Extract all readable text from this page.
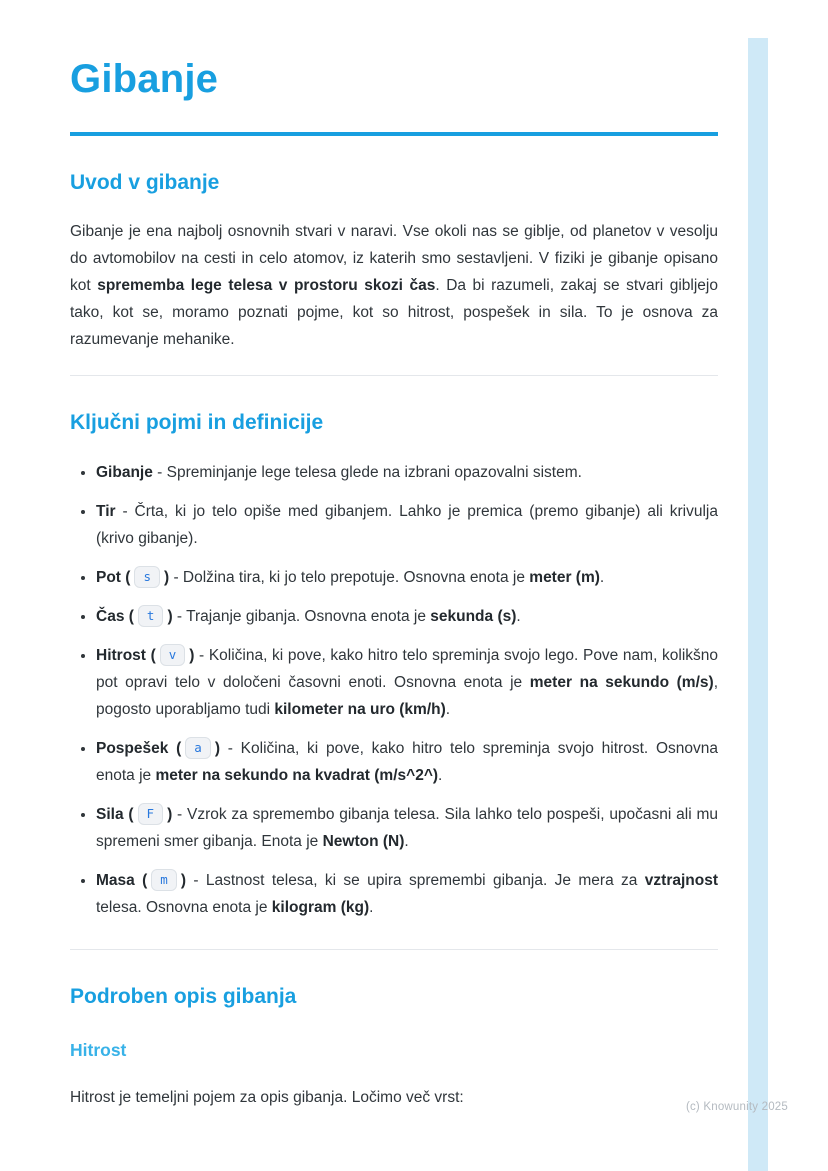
Gibanje
Uvod v gibanje

Gibanje je ena najbolj osnovnih stvari v naravi. Vse okoli nas se giblje, od planetov v vesolju do avtomobilov na cesti in celo atomov, iz katerih smo sestavljeni. V fiziki je gibanje opisano kot sprememba lege telesa v prostoru skozi čas. Da bi razumeli, zakaj se stvari gibljejo tako, kot se, moramo poznati pojme, kot so hitrost, pospešek in sila. To je osnova za razumevanje mehanike.

Ključni pojmi in definicije
• Gibanje - Spreminjanje lege telesa glede na izbrani opazovalni sistem.
• Tir - Črta, ki jo telo opiše med gibanjem. Lahko je premica (premo gibanje) ali krivulja (krivo gibanje).
• Pot ( s ) - Dolžina tira, ki jo telo prepotuje. Osnovna enota je meter (m).
• Čas ( t ) - Trajanje gibanja. Osnovna enota je sekunda (s).
• Hitrost ( v ) - Količina, ki pove, kako hitro telo spreminja svojo lego. Pove nam, kolikšno pot opravi telo v določeni časovni enoti. Osnovna enota je meter na sekundo (m/s), pogosto uporabljamo tudi kilometer na uro (km/h).
• Pospešek ( a ) - Količina, ki pove, kako hitro telo spreminja svojo hitrost. Osnovna enota je meter na sekundo na kvadrat (m/s^2^).
• Sila ( F ) - Vzrok za spremembo gibanja telesa. Sila lahko telo pospeši, upočasni ali mu spremeni smer gibanja. Enota je Newton (N).
• Masa ( m ) - Lastnost telesa, ki se upira spremembi gibanja. Je mera za vztrajnost telesa. Osnovna enota je kilogram (kg).
Podroben opis gibanja
Hitrost

Hitrost je temeljni pojem za opis gibanja. Ločimo več vrst:

(c) Knowunity 2025
